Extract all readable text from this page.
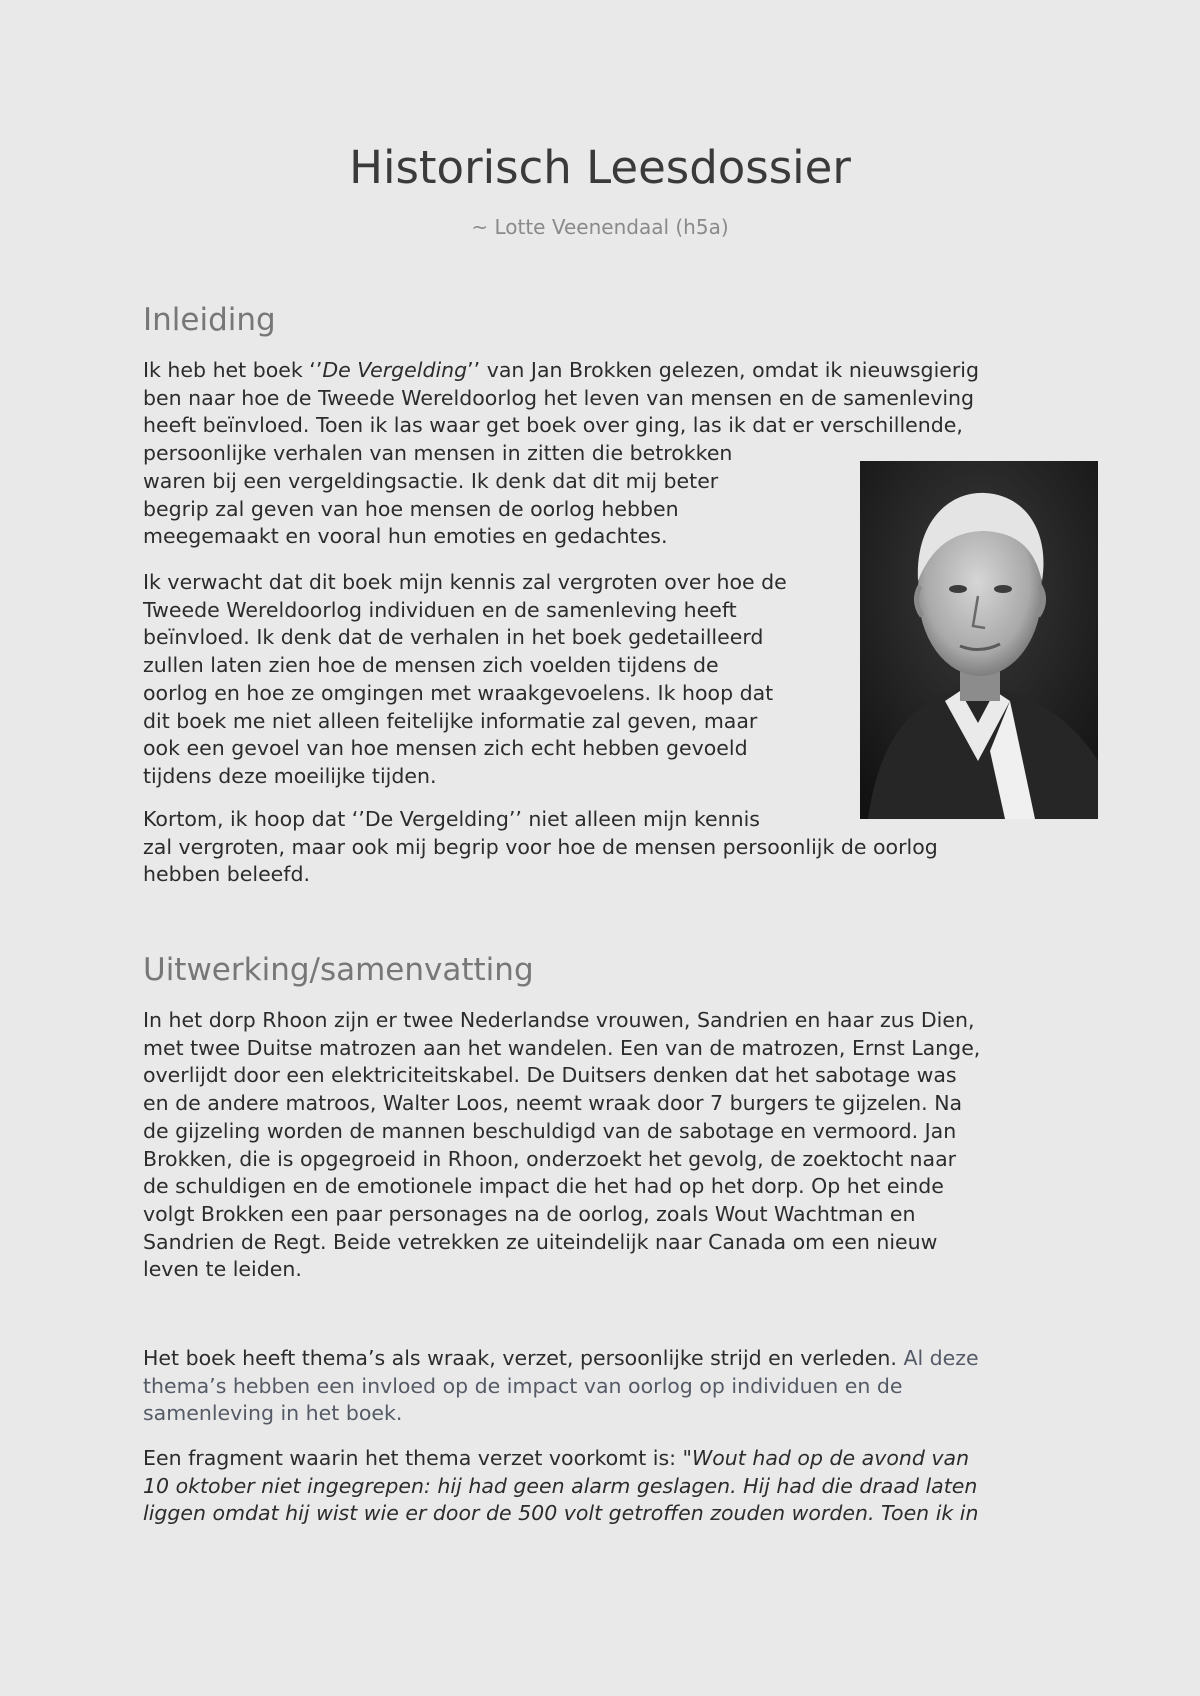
Historisch Leesdossier
~ Lotte Veenendaal (h5a)
Inleiding

Ik heb het boek ‘’De Vergelding’’ van Jan Brokken gelezen, omdat ik nieuwsgierig
ben naar hoe de Tweede Wereldoorlog het leven van mensen en de samenleving
heeft beïnvloed. Toen ik las waar get boek over ging, las ik dat er verschillende,
persoonlijke verhalen van mensen in zitten die betrokken
waren bij een vergeldingsactie. Ik denk dat dit mij beter
begrip zal geven van hoe mensen de oorlog hebben
meegemaakt en vooral hun emoties en gedachtes.

Ik verwacht dat dit boek mijn kennis zal vergroten over hoe de
Tweede Wereldoorlog individuen en de samenleving heeft
beïnvloed. Ik denk dat de verhalen in het boek gedetailleerd
zullen laten zien hoe de mensen zich voelden tijdens de
oorlog en hoe ze omgingen met wraakgevoelens. Ik hoop dat
dit boek me niet alleen feitelijke informatie zal geven, maar
ook een gevoel van hoe mensen zich echt hebben gevoeld
tijdens deze moeilijke tijden.

Kortom, ik hoop dat ‘’De Vergelding’’ niet alleen mijn kennis
zal vergroten, maar ook mij begrip voor hoe de mensen persoonlijk de oorlog
hebben beleefd.

Uitwerking/samenvatting

In het dorp Rhoon zijn er twee Nederlandse vrouwen, Sandrien en haar zus Dien,
met twee Duitse matrozen aan het wandelen. Een van de matrozen, Ernst Lange,
overlijdt door een elektriciteitskabel. De Duitsers denken dat het sabotage was
en de andere matroos, Walter Loos, neemt wraak door 7 burgers te gijzelen. Na
de gijzeling worden de mannen beschuldigd van de sabotage en vermoord. Jan
Brokken, die is opgegroeid in Rhoon, onderzoekt het gevolg, de zoektocht naar
de schuldigen en de emotionele impact die het had op het dorp. Op het einde
volgt Brokken een paar personages na de oorlog, zoals Wout Wachtman en
Sandrien de Regt. Beide vetrekken ze uiteindelijk naar Canada om een nieuw
leven te leiden.

Het boek heeft thema’s als wraak, verzet, persoonlijke strijd en verleden. Al deze
thema’s hebben een invloed op de impact van oorlog op individuen en de
samenleving in het boek.

Een fragment waarin het thema verzet voorkomt is: "Wout had op de avond van
10 oktober niet ingegrepen: hij had geen alarm geslagen. Hij had die draad laten
liggen omdat hij wist wie er door de 500 volt getroffen zouden worden. Toen ik in
